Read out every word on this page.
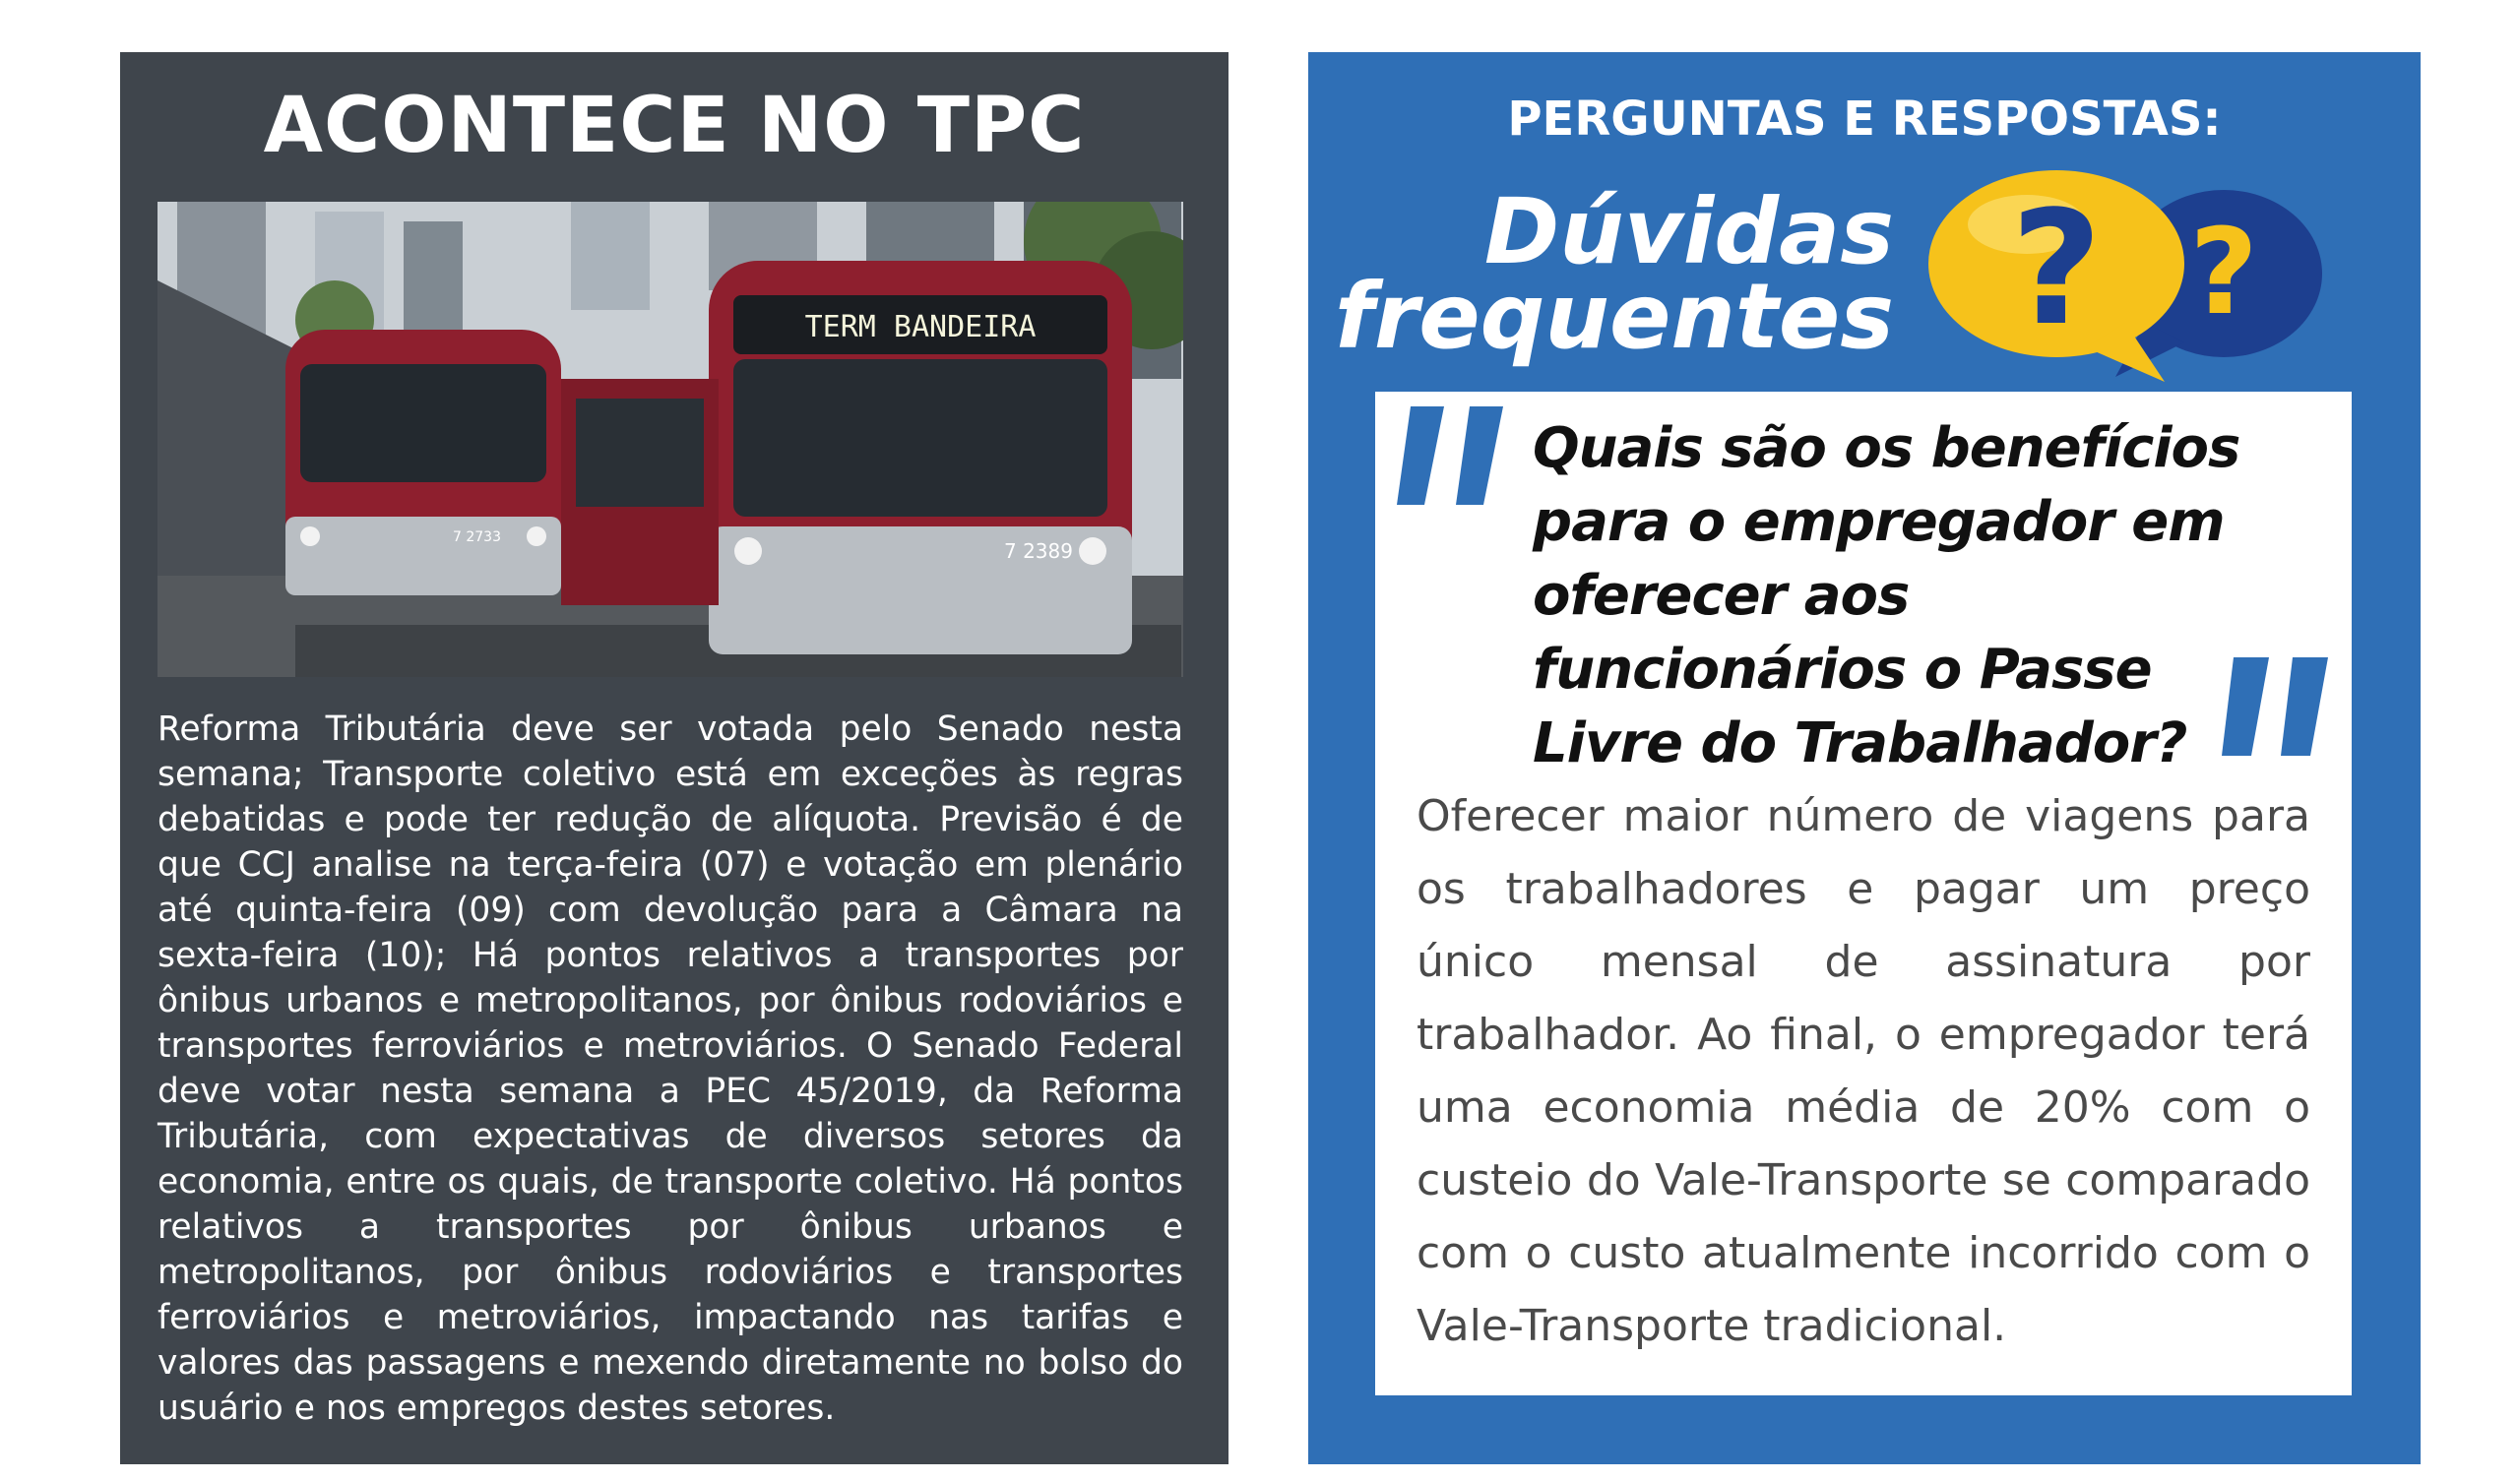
ACONTECE NO TPC
7 2733
TERM BANDEIRA
7 2389

Reforma Tributária deve ser votada pelo Senado nesta semana; Transporte coletivo está em exceções às regras debatidas e pode ter redução de alíquota. Previsão é de que CCJ analise na terça-feira (07) e votação em plenário até quinta-feira (09) com devolução para a Câmara na sexta-feira (10); Há pontos relativos a transportes por ônibus urbanos e metropolitanos, por ônibus rodoviários e transportes ferroviários e metroviários. O Senado Federal deve votar nesta semana a PEC 45/2019, da Reforma Tributária, com expectativas de diversos setores da economia, entre os quais, de transporte coletivo. Há pontos relativos a transportes por ônibus urbanos e metropolitanos, por ônibus rodoviários e transportes ferroviários e metroviários, impactando nas tarifas e valores das passagens e mexendo diretamente no bolso do usuário e nos empregos destes setores.

PERGUNTAS E RESPOSTAS:
Dúvidas
frequentes	?
?

Quais são os benefícios para o empregador em oferecer aos funcionários o Passe Livre do Trabalhador?

Oferecer maior número de viagens para os trabalhadores e pagar um preço único mensal de assinatura por trabalhador. Ao final, o empregador terá uma economia média de 20% com o custeio do Vale-Transporte se comparado com o custo atualmente incorrido com o Vale-Transporte tradicional.
